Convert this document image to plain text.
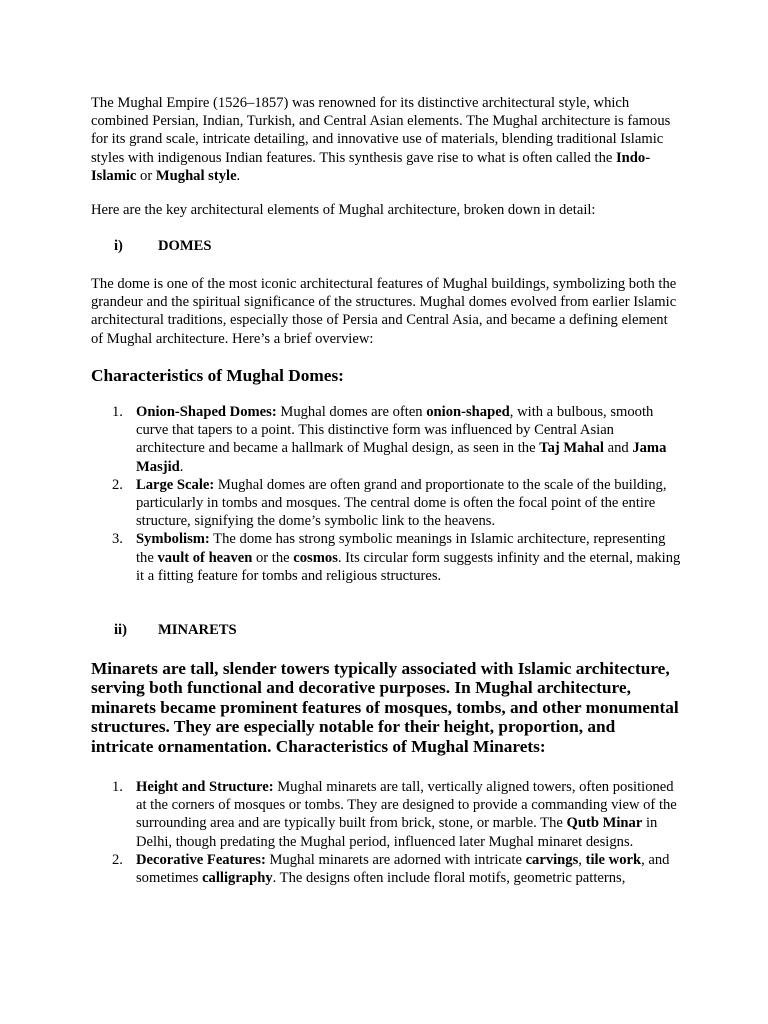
The Mughal Empire (1526–1857) was renowned for its distinctive architectural style, which combined Persian, Indian, Turkish, and Central Asian elements. The Mughal architecture is famous for its grand scale, intricate detailing, and innovative use of materials, blending traditional Islamic styles with indigenous Indian features. This synthesis gave rise to what is often called the Indo-Islamic or Mughal style.

Here are the key architectural elements of Mughal architecture, broken down in detail:

i) DOMES

The dome is one of the most iconic architectural features of Mughal buildings, symbolizing both the grandeur and the spiritual significance of the structures. Mughal domes evolved from earlier Islamic architectural traditions, especially those of Persia and Central Asia, and became a defining element of Mughal architecture. Here’s a brief overview:

Characteristics of Mughal Domes:

1. Onion-Shaped Domes: Mughal domes are often onion-shaped, with a bulbous, smooth curve that tapers to a point. This distinctive form was influenced by Central Asian architecture and became a hallmark of Mughal design, as seen in the Taj Mahal and Jama Masjid.
2. Large Scale: Mughal domes are often grand and proportionate to the scale of the building, particularly in tombs and mosques. The central dome is often the focal point of the entire structure, signifying the dome’s symbolic link to the heavens.
3. Symbolism: The dome has strong symbolic meanings in Islamic architecture, representing the vault of heaven or the cosmos. Its circular form suggests infinity and the eternal, making it a fitting feature for tombs and religious structures.

ii) MINARETS

Minarets are tall, slender towers typically associated with Islamic architecture, serving both functional and decorative purposes. In Mughal architecture, minarets became prominent features of mosques, tombs, and other monumental structures. They are especially notable for their height, proportion, and intricate ornamentation. Characteristics of Mughal Minarets:

1. Height and Structure: Mughal minarets are tall, vertically aligned towers, often positioned at the corners of mosques or tombs. They are designed to provide a commanding view of the surrounding area and are typically built from brick, stone, or marble. The Qutb Minar in Delhi, though predating the Mughal period, influenced later Mughal minaret designs.
2. Decorative Features: Mughal minarets are adorned with intricate carvings, tile work, and sometimes calligraphy. The designs often include floral motifs, geometric patterns,
